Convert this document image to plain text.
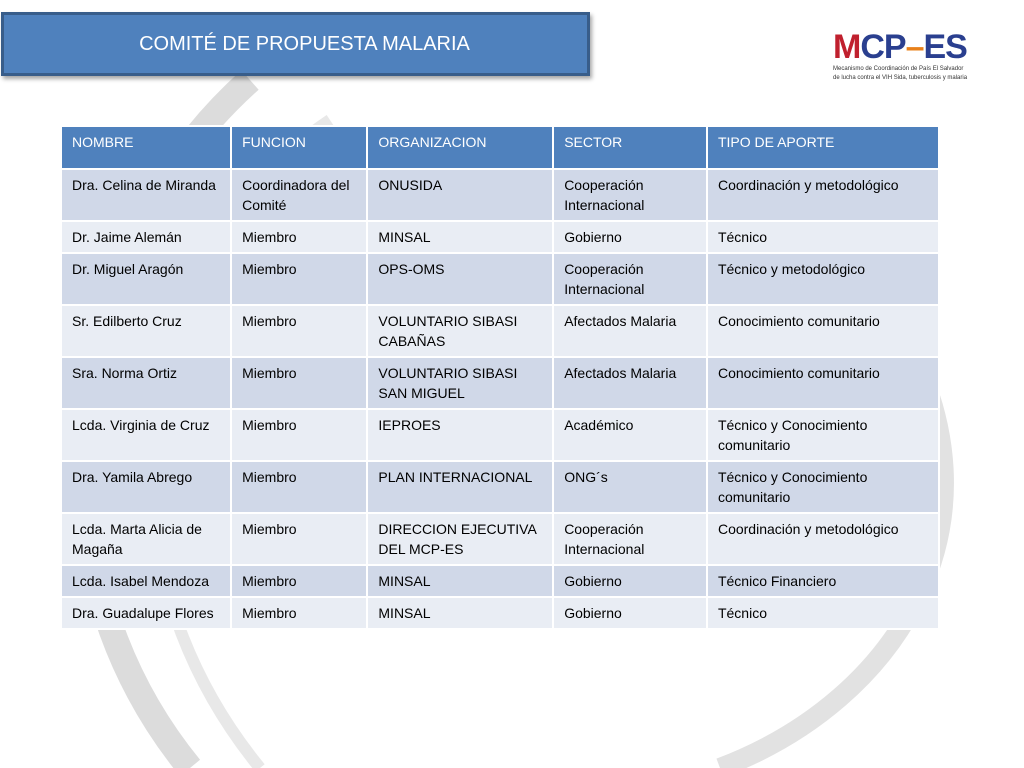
COMITÉ DE PROPUESTA MALARIA	MCP–ES
Mecanismo de Coordinación de País El Salvador
de lucha contra el VIH Sida, tuberculosis y malaria
NOMBRE	FUNCION	ORGANIZACION	SECTOR	TIPO DE APORTE
Dra. Celina de Miranda	Coordinadora del Comité	ONUSIDA	Cooperación Internacional	Coordinación y metodológico
Dr. Jaime Alemán	Miembro	MINSAL	Gobierno	Técnico
Dr. Miguel Aragón	Miembro	OPS-OMS	Cooperación Internacional	Técnico y metodológico
Sr. Edilberto Cruz	Miembro	VOLUNTARIO SIBASI CABAÑAS	Afectados Malaria	Conocimiento comunitario
Sra. Norma Ortiz	Miembro	VOLUNTARIO SIBASI SAN MIGUEL	Afectados Malaria	Conocimiento comunitario
Lcda. Virginia de Cruz	Miembro	IEPROES	Académico	Técnico y Conocimiento comunitario
Dra. Yamila Abrego	Miembro	PLAN INTERNACIONAL	ONG´s	Técnico y Conocimiento comunitario
Lcda. Marta Alicia de Magaña	Miembro	DIRECCION EJECUTIVA DEL MCP-ES	Cooperación Internacional	Coordinación y metodológico
Lcda. Isabel Mendoza	Miembro	MINSAL	Gobierno	Técnico Financiero
Dra. Guadalupe Flores	Miembro	MINSAL	Gobierno	Técnico
